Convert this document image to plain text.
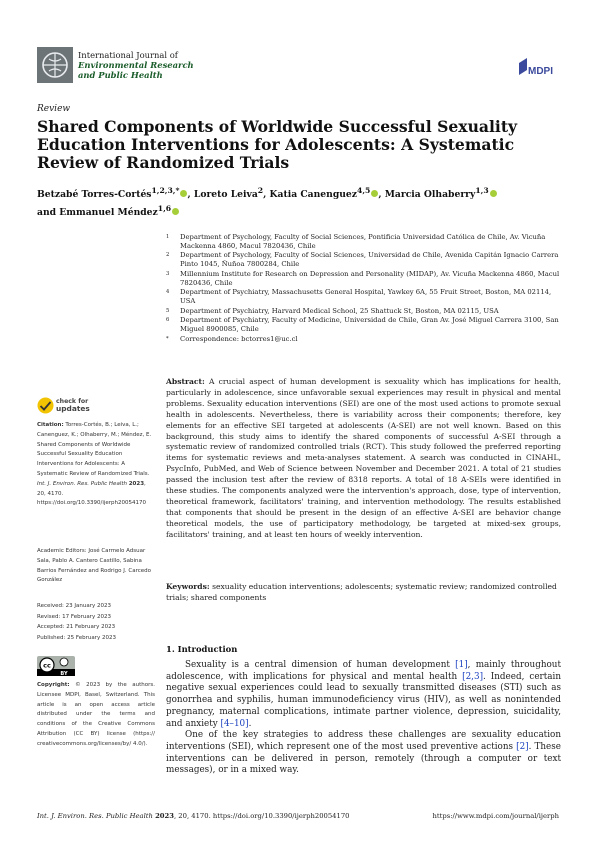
International Journal of
Environmental Research
and Public Health	MDPI
Review
Shared Components of Worldwide Successful Sexuality Education Interventions for Adolescents: A Systematic Review of Randomized Trials
Betzabé Torres-Cortés$^{1,2,3,*}$ , Loreto Leiva$^2$, Katia Canenguez$^{4,5}$ , Marcia Olhaberry$^{1,3}$
and Emmanuel Méndez$^{1,6}$
1	Department of Psychology, Faculty of Social Sciences, Pontificia Universidad Católica de Chile, Av. Vicuña Mackenna 4860, Macul 7820436, Chile
2	Department of Psychology, Faculty of Social Sciences, Universidad de Chile, Avenida Capitán Ignacio Carrera Pinto 1045, Ñuñoa 7800284, Chile
3	Millennium Institute for Research on Depression and Personality (MIDAP), Av. Vicuña Mackenna 4860, Macul 7820436, Chile
4	Department of Psychiatry, Massachusetts General Hospital, Yawkey 6A, 55 Fruit Street, Boston, MA 02114, USA
5	Department of Psychiatry, Harvard Medical School, 25 Shattuck St, Boston, MA 02115, USA
6	Department of Psychiatry, Faculty of Medicine, Universidad de Chile, Gran Av. José Miguel Carrera 3100, San Miguel 8900085, Chile
*	Correspondence: bctorres1@uc.cl

Abstract: A crucial aspect of human development is sexuality which has implications for health, particularly in adolescence, since unfavorable sexual experiences may result in physical and mental problems. Sexuality education interventions (SEI) are one of the most used actions to promote sexual health in adolescents. Nevertheless, there is variability across their components; therefore, key elements for an effective SEI targeted at adolescents (A-SEI) are not well known. Based on this background, this study aims to identify the shared components of successful A-SEI through a systematic review of randomized controlled trials (RCT). This study followed the preferred reporting items for systematic reviews and meta-analyses statement. A search was conducted in CINAHL, PsycInfo, PubMed, and Web of Science between November and December 2021. A total of 21 studies passed the inclusion test after the review of 8318 reports. A total of 18 A-SEIs were identified in these studies. The components analyzed were the intervention's approach, dose, type of intervention, theoretical framework, facilitators' training, and intervention methodology. The results established that components that should be present in the design of an effective A-SEI are behavior change theoretical models, the use of participatory methodology, be targeted at mixed-sex groups, facilitators' training, and at least ten hours of weekly intervention.

Keywords: sexuality education interventions; adolescents; systematic review; randomized controlled trials; shared components

check for
updates

Citation: Torres-Cortés, B.; Leiva, L.; Canenguez, K.; Olhaberry, M.; Méndez, E. Shared Components of Worldwide Successful Sexuality Education Interventions for Adolescents: A Systematic Review of Randomized Trials. Int. J. Environ. Res. Public Health 2023, 20, 4170. https://doi.org/10.3390/ijerph20054170

Academic Editors: José Carmelo Adsuar Sala, Pablo A. Cantero Castillo, Sabina Barrios Fernández and Rodrigo J. Carcedo González

Received: 23 January 2023
Revised: 17 February 2023
Accepted: 21 February 2023
Published: 25 February 2023
cc
BY

Copyright: © 2023 by the authors. Licensee MDPI, Basel, Switzerland. This article is an open access article distributed under the terms and conditions of the Creative Commons Attribution (CC BY) license (https:// creativecommons.org/licenses/by/ 4.0/).

1. Introduction

Sexuality is a central dimension of human development [1], mainly throughout adolescence, with implications for physical and mental health [2,3]. Indeed, certain negative sexual experiences could lead to sexually transmitted diseases (STI) such as gonorrhea and syphilis, human immunodeficiency virus (HIV), as well as nonintended pregnancy, maternal complications, intimate partner violence, depression, suicidality, and anxiety [4–10].

One of the key strategies to address these challenges are sexuality education interventions (SEI), which represent one of the most used preventive actions [2]. These interventions can be delivered in person, remotely (through a computer or text messages), or in a mixed way.

Int. J. Environ. Res. Public Health 2023, 20, 4170. https://doi.org/10.3390/ijerph20054170	https://www.mdpi.com/journal/ijerph
